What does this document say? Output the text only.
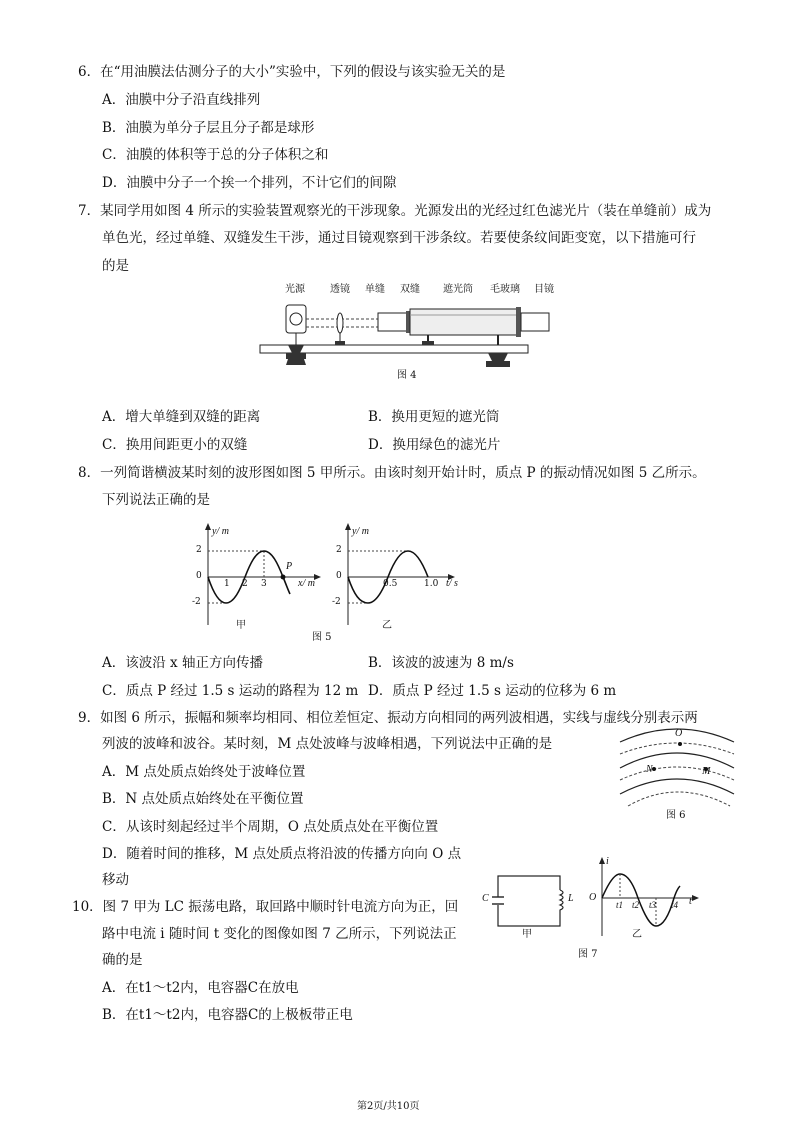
6．在“用油膜法估测分子的大小”实验中，下列的假设与该实验无关的是
A．油膜中分子沿直线排列
B．油膜为单分子层且分子都是球形
C．油膜的体积等于总的分子体积之和
D．油膜中分子一个挨一个排列，不计它们的间隙
7．某同学用如图 4 所示的实验装置观察光的干涉现象。光源发出的光经过红色滤光片（装在单缝前）成为
单色光，经过单缝、双缝发生干涉，通过目镜观察到干涉条纹。若要使条纹间距变宽，以下措施可行
的是
光源	透镜 单缝 双缝 遮光筒 毛玻璃 目镜
图 4
A．增大单缝到双缝的距离	B．换用更短的遮光筒
C．换用间距更小的双缝	D．换用绿色的滤光片
8．一列简谐横波某时刻的波形图如图 5 甲所示。由该时刻开始计时，质点 P 的振动情况如图 5 乙所示。
下列说法正确的是
y/ m
2
0
-2
1 2 3
P
x/ m
甲
y/ m
2
0
-2
0.5	1.0 t/ s
乙
图 5
A．该波沿 x 轴正方向传播	B．该波的波速为 8 m/s
C．质点 P 经过 1.5 s 运动的路程为 12 m D．质点 P 经过 1.5 s 运动的位移为 6 m
9．如图 6 所示，振幅和频率均相同、相位差恒定、振动方向相同的两列波相遇，实线与虚线分别表示两
列波的波峰和波谷。某时刻，M 点处波峰与波峰相遇，下列说法中正确的是
A．M 点处质点始终处于波峰位置
B．N 点处质点始终处在平衡位置
C．从该时刻起经过半个周期，O 点处质点处在平衡位置
D．随着时间的推移，M 点处质点将沿波的传播方向向 O 点
移动
O
N	M
图 6
10．图 7 甲为 LC 振荡电路，取回路中顺时针电流方向为正，回
路中电流 i 随时间 t 变化的图像如图 7 乙所示，下列说法正
确的是
A．在t1～t2内，电容器C在放电
B．在t1～t2内，电容器C的上极板带正电
C	L
甲
i
O
t1 t2 t3 t4 t
乙
图 7
第2页/共10页
